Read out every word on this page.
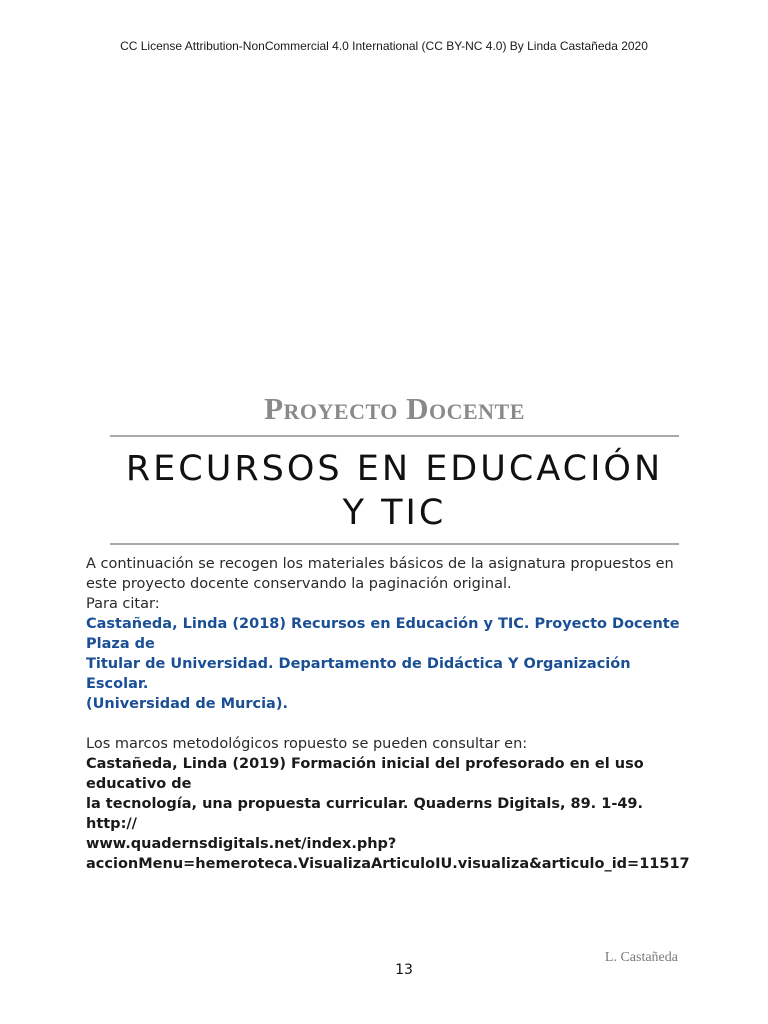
CC License Attribution-NonCommercial 4.0 International (CC BY-NC 4.0) By Linda Castañeda 2020
Proyecto Docente
RECURSOS EN EDUCACIÓN
Y TIC

A continuación se recogen los materiales básicos de la asignatura propuestos en
este proyecto docente conservando la paginación original.
Para citar:

Castañeda, Linda (2018) Recursos en Educación y TIC. Proyecto Docente Plaza de
Titular de Universidad. Departamento de Didáctica Y Organización Escolar.
(Universidad de Murcia).

Los marcos metodológicos ropuesto se pueden consultar en:

Castañeda, Linda (2019) Formación inicial del profesorado en el uso educativo de
la tecnología, una propuesta curricular. Quaderns Digitals, 89. 1-49. http://
www.quadernsdigitals.net/index.php?
accionMenu=hemeroteca.VisualizaArticuloIU.visualiza&articulo_id=11517

L. Castañeda
13
